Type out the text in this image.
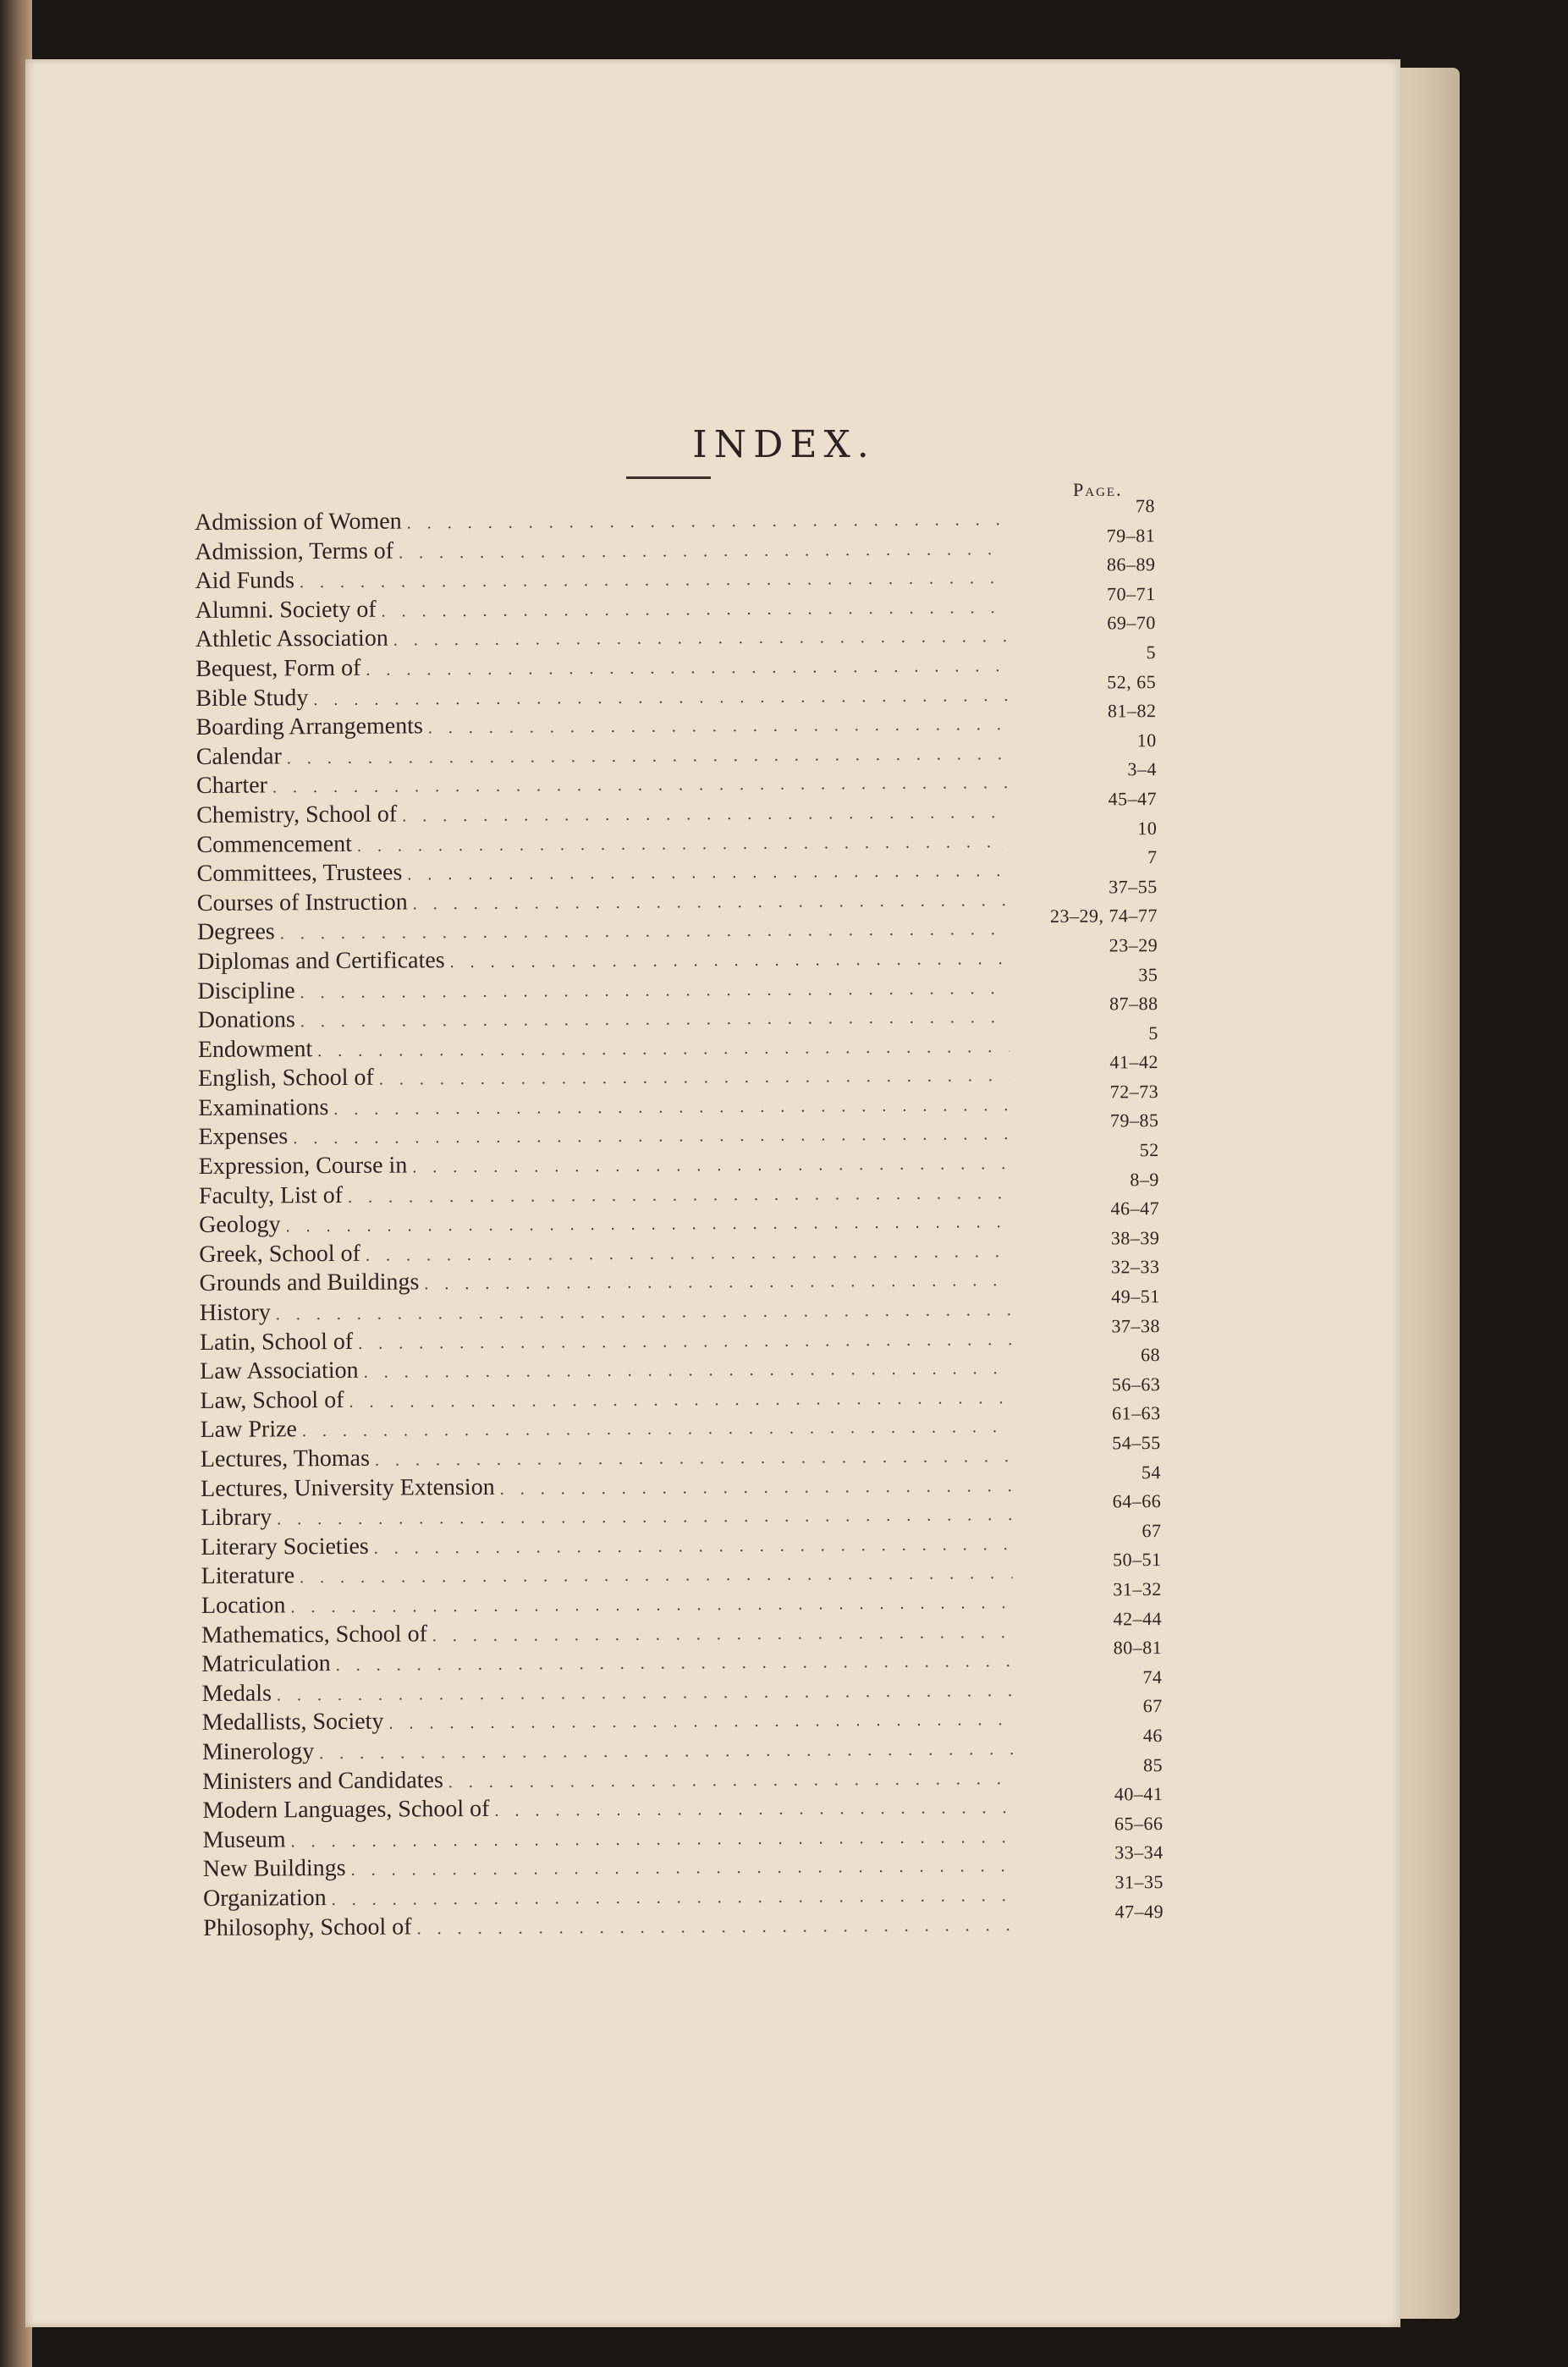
INDEX.
Page.
Admission of Women
. . .
78
Admission, Terms of
. . .
79–81
Aid Funds
. . .
86–89
Alumni. Society of
. . .
70–71
Athletic Association
. . .
69–70
Bequest, Form of
. . .
5
Bible Study
. . .
52, 65
Boarding Arrangements
. . .
81–82
Calendar
. . .
10
Charter
. . .
3–4
Chemistry, School of
. . .
45–47
Commencement
. . .
10
Committees, Trustees
. . .
7
Courses of Instruction
. . .
37–55
Degrees
. . .
23–29, 74–77
Diplomas and Certificates
. . .
23–29
Discipline
. . .
35
Donations
. . .
87–88
Endowment
. . .
5
English, School of
. . .
41–42
Examinations
. . .
72–73
Expenses
. . .
79–85
Expression, Course in
. . .
52
Faculty, List of
. . .
8–9
Geology
. . .
46–47
Greek, School of
. . .
38–39
Grounds and Buildings
. . .
32–33
History
. . .
49–51
Latin, School of
. . .
37–38
Law Association
. . .
68
Law, School of
. . .
56–63
Law Prize
. . .
61–63
Lectures, Thomas
. . .
54–55
Lectures, University Extension
. . .
54
Library
. . .
64–66
Literary Societies
. . .
67
Literature
. . .
50–51
Location
. . .
31–32
Mathematics, School of
. . .
42–44
Matriculation
. . .
80–81
Medals
. . .
74
Medallists, Society
. . .
67
Minerology
. . .
46
Ministers and Candidates
. . .
85
Modern Languages, School of
. . .
40–41
Museum
. . .
65–66
New Buildings
. . .
33–34
Organization
. . .
31–35
Philosophy, School of
. . .
47–49
